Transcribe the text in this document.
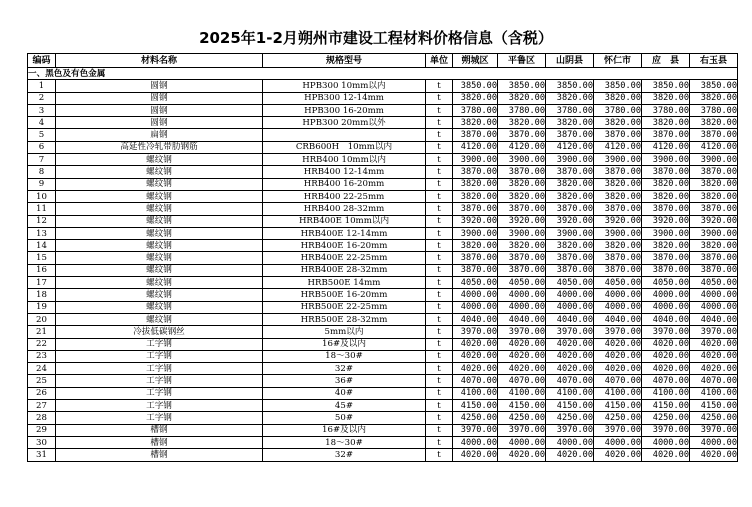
2025年1-2月朔州市建设工程材料价格信息（含税）
编码	材料名称	规格型号	单位	朔城区	平鲁区	山阴县	怀仁市	应　县	右玉县
一、黑色及有色金属									
1	圆钢	HPB300 10mm以内	t	3850.00	3850.00	3850.00	3850.00	3850.00	3850.00
2	圆钢	HPB300 12-14mm	t	3820.00	3820.00	3820.00	3820.00	3820.00	3820.00
3	圆钢	HPB300 16-20mm	t	3780.00	3780.00	3780.00	3780.00	3780.00	3780.00
4	圆钢	HPB300 20mm以外	t	3820.00	3820.00	3820.00	3820.00	3820.00	3820.00
5	扁钢		t	3870.00	3870.00	3870.00	3870.00	3870.00	3870.00
6	高延性冷轧带肋钢筋	CRB600H　10mm以内	t	4120.00	4120.00	4120.00	4120.00	4120.00	4120.00
7	螺纹钢	HRB400 10mm以内	t	3900.00	3900.00	3900.00	3900.00	3900.00	3900.00
8	螺纹钢	HRB400 12-14mm	t	3870.00	3870.00	3870.00	3870.00	3870.00	3870.00
9	螺纹钢	HRB400 16-20mm	t	3820.00	3820.00	3820.00	3820.00	3820.00	3820.00
10	螺纹钢	HRB400 22-25mm	t	3820.00	3820.00	3820.00	3820.00	3820.00	3820.00
11	螺纹钢	HRB400 28-32mm	t	3870.00	3870.00	3870.00	3870.00	3870.00	3870.00
12	螺纹钢	HRB400E 10mm以内	t	3920.00	3920.00	3920.00	3920.00	3920.00	3920.00
13	螺纹钢	HRB400E 12-14mm	t	3900.00	3900.00	3900.00	3900.00	3900.00	3900.00
14	螺纹钢	HRB400E 16-20mm	t	3820.00	3820.00	3820.00	3820.00	3820.00	3820.00
15	螺纹钢	HRB400E 22-25mm	t	3870.00	3870.00	3870.00	3870.00	3870.00	3870.00
16	螺纹钢	HRB400E 28-32mm	t	3870.00	3870.00	3870.00	3870.00	3870.00	3870.00
17	螺纹钢	HRB500E 14mm	t	4050.00	4050.00	4050.00	4050.00	4050.00	4050.00
18	螺纹钢	HRB500E 16-20mm	t	4000.00	4000.00	4000.00	4000.00	4000.00	4000.00
19	螺纹钢	HRB500E 22-25mm	t	4000.00	4000.00	4000.00	4000.00	4000.00	4000.00
20	螺纹钢	HRB500E 28-32mm	t	4040.00	4040.00	4040.00	4040.00	4040.00	4040.00
21	冷拔低碳钢丝	5mm以内	t	3970.00	3970.00	3970.00	3970.00	3970.00	3970.00
22	工字钢	16#及以内	t	4020.00	4020.00	4020.00	4020.00	4020.00	4020.00
23	工字钢	18～30#	t	4020.00	4020.00	4020.00	4020.00	4020.00	4020.00
24	工字钢	32#	t	4020.00	4020.00	4020.00	4020.00	4020.00	4020.00
25	工字钢	36#	t	4070.00	4070.00	4070.00	4070.00	4070.00	4070.00
26	工字钢	40#	t	4100.00	4100.00	4100.00	4100.00	4100.00	4100.00
27	工字钢	45#	t	4150.00	4150.00	4150.00	4150.00	4150.00	4150.00
28	工字钢	50#	t	4250.00	4250.00	4250.00	4250.00	4250.00	4250.00
29	槽钢	16#及以内	t	3970.00	3970.00	3970.00	3970.00	3970.00	3970.00
30	槽钢	18～30#	t	4000.00	4000.00	4000.00	4000.00	4000.00	4000.00
31	槽钢	32#	t	4020.00	4020.00	4020.00	4020.00	4020.00	4020.00
